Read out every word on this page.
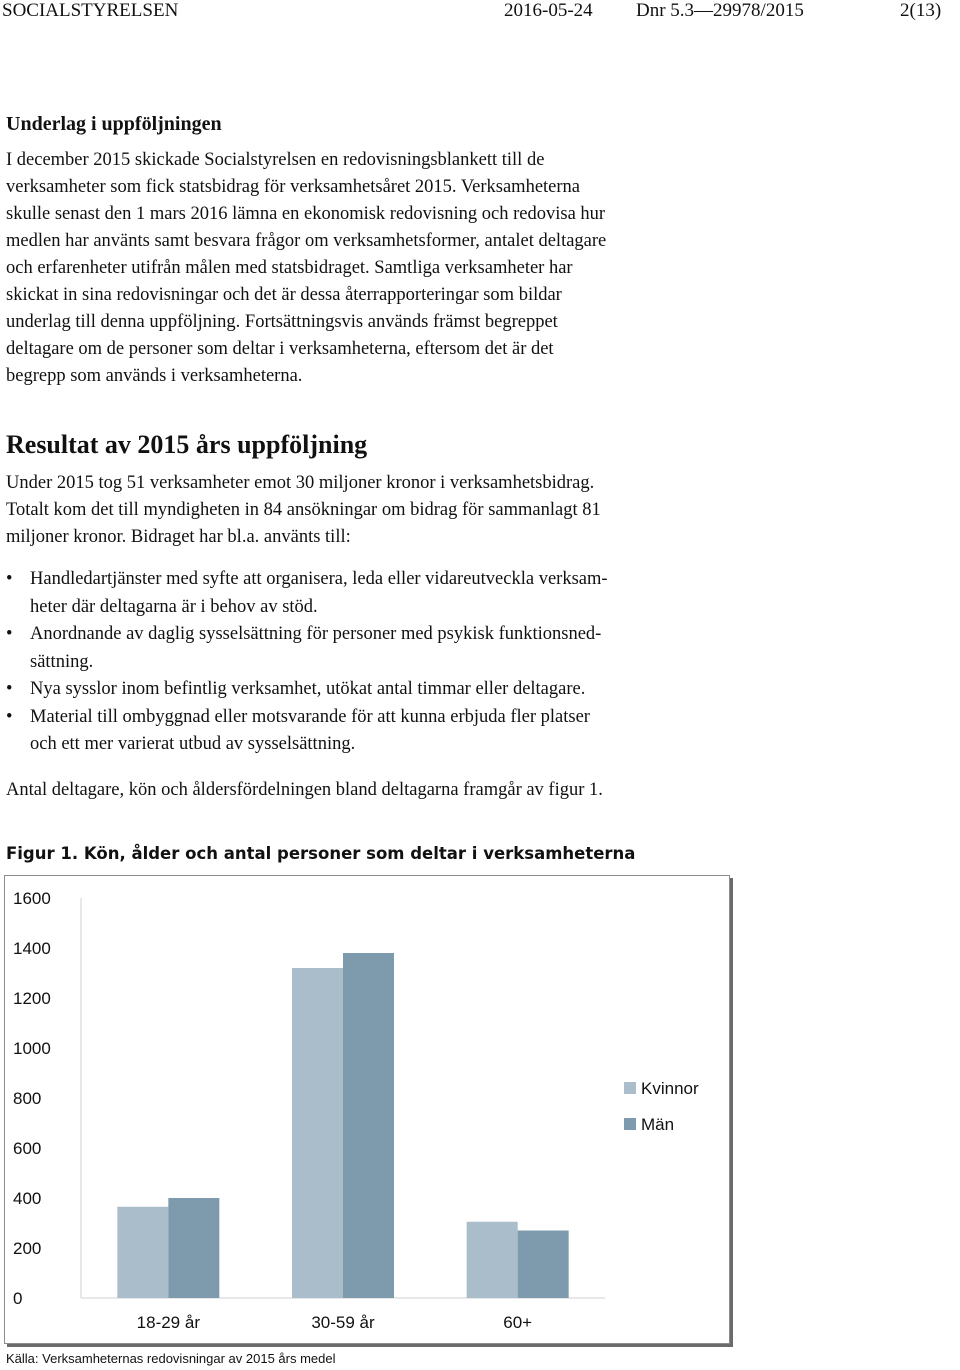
SOCIALSTYRELSEN	2016-05-24 Dnr 5.3—29978/2015	2(13)
Underlag i uppföljningen
I december 2015 skickade Socialstyrelsen en redovisningsblankett till de
verksamheter som fick statsbidrag för verksamhetsåret 2015. Verksamheterna
skulle senast den 1 mars 2016 lämna en ekonomisk redovisning och redovisa hur
medlen har använts samt besvara frågor om verksamhetsformer, antalet deltagare
och erfarenheter utifrån målen med statsbidraget. Samtliga verksamheter har
skickat in sina redovisningar och det är dessa återrapporteringar som bildar
underlag till denna uppföljning. Fortsättningsvis används främst begreppet
deltagare om de personer som deltar i verksamheterna, eftersom det är det
begrepp som används i verksamheterna.
Resultat av 2015 års uppföljning
Under 2015 tog 51 verksamheter emot 30 miljoner kronor i verksamhetsbidrag.
Totalt kom det till myndigheten in 84 ansökningar om bidrag för sammanlagt 81
miljoner kronor. Bidraget har bl.a. använts till:
• Handledartjänster med syfte att organisera, leda eller vidareutveckla verksam-
heter där deltagarna är i behov av stöd.
• Anordnande av daglig sysselsättning för personer med psykisk funktionsned-
sättning.
• Nya sysslor inom befintlig verksamhet, utökat antal timmar eller deltagare.
• Material till ombyggnad eller motsvarande för att kunna erbjuda fler platser
och ett mer varierat utbud av sysselsättning.
Antal deltagare, kön och åldersfördelningen bland deltagarna framgår av figur 1.
Figur 1. Kön, ålder och antal personer som deltar i verksamheterna
0
200
400
600
800
1000
1200
1400
1600
18-29 år	30-59 år	60+
Kvinnor
Män
Källa: Verksamheternas redovisningar av 2015 års medel
